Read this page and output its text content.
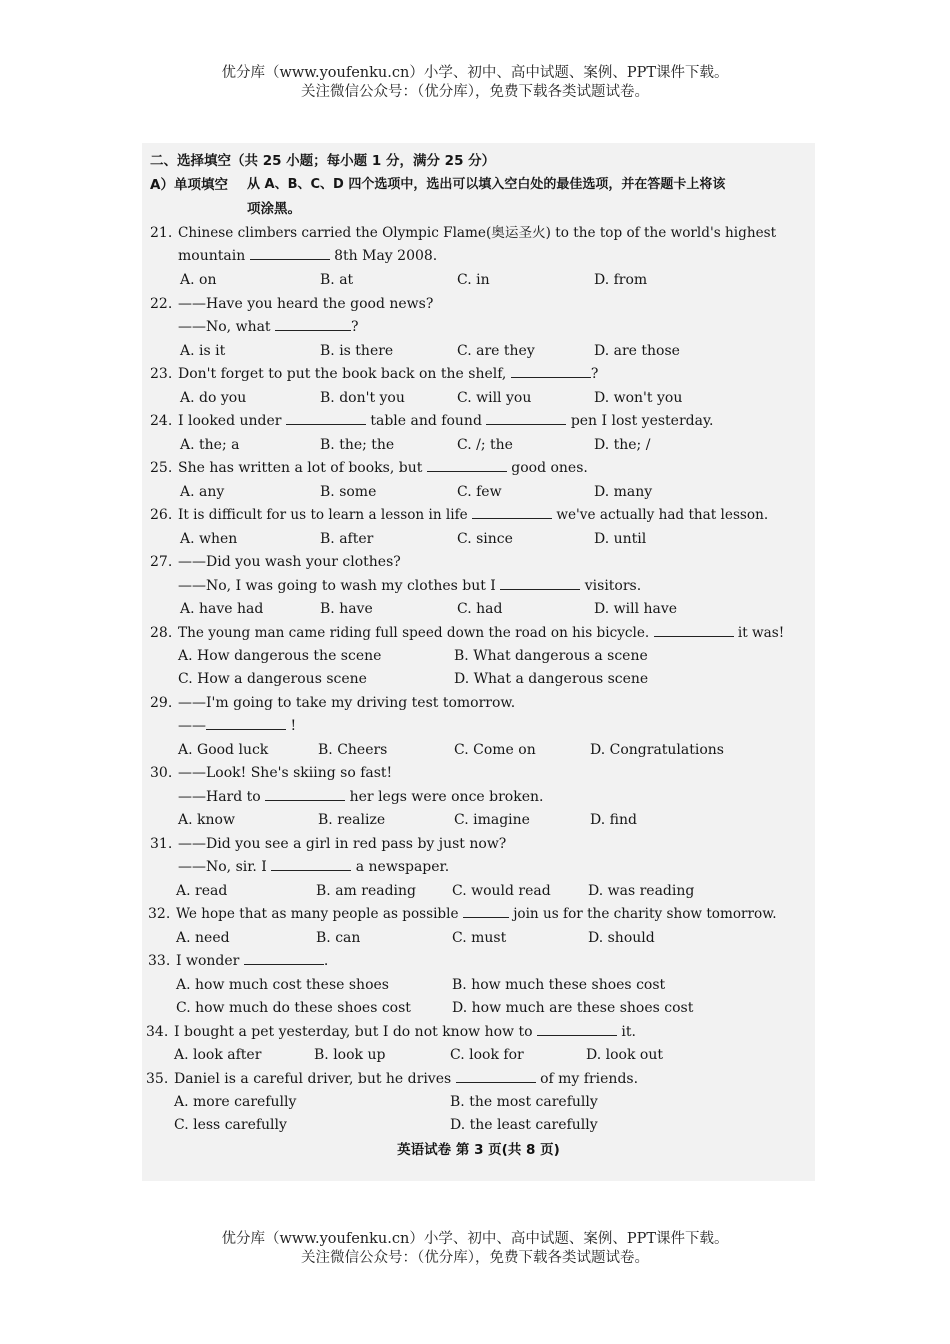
优分库（www.youfenku.cn）小学、初中、高中试题、案例、PPT课件下载。
关注微信公众号：（优分库），免费下载各类试题试卷。
二、选择填空（共 25 小题；每小题 1 分，满分 25 分）
A）单项填空 从 A、B、C、D 四个选项中，选出可以填入空白处的最佳选项，并在答题卡上将该
项涂黑。
21. Chinese climbers carried the Olympic Flame(奥运圣火) to the top of the world's highest
mountain	8th May 2008.
A. on	B. at	C. in	D. from
22. ——Have you heard the good news?
——No, what	?
A. is it	B. is there	C. are they	D. are those
23. Don't forget to put the book back on the shelf,	?
A. do you	B. don't you	C. will you	D. won't you
24. I looked under	table and found	pen I lost yesterday.
A. the; a	B. the; the	C. /; the	D. the; /
25. She has written a lot of books, but	good ones.
A. any	B. some	C. few	D. many
26. It is difficult for us to learn a lesson in life	we've actually had that lesson.
A. when	B. after	C. since	D. until
27. ——Did you wash your clothes?
——No, I was going to wash my clothes but I	visitors.
A. have had	B. have	C. had	D. will have
28. The young man came riding full speed down the road on his bicycle.	it was!
A. How dangerous the scene	B. What dangerous a scene
C. How a dangerous scene	D. What a dangerous scene
29. ——I'm going to take my driving test tomorrow.
——	!
A. Good luck	B. Cheers	C. Come on	D. Congratulations
30. ——Look! She's skiing so fast!
——Hard to	her legs were once broken.
A. know	B. realize	C. imagine	D. find
31. ——Did you see a girl in red pass by just now?
——No, sir. I	a newspaper.
A. read	B. am reading	C. would read	D. was reading
32. We hope that as many people as possible	join us for the charity show tomorrow.
A. need	B. can	C. must	D. should
33. I wonder	.
A. how much cost these shoes	B. how much these shoes cost
C. how much do these shoes cost	D. how much are these shoes cost
34. I bought a pet yesterday, but I do not know how to	it.
A. look after	B. look up	C. look for	D. look out
35. Daniel is a careful driver, but he drives	of my friends.
A. more carefully	B. the most carefully
C. less carefully	D. the least carefully
英语试卷 第 3 页(共 8 页)
优分库（www.youfenku.cn）小学、初中、高中试题、案例、PPT课件下载。
关注微信公众号：（优分库），免费下载各类试题试卷。
